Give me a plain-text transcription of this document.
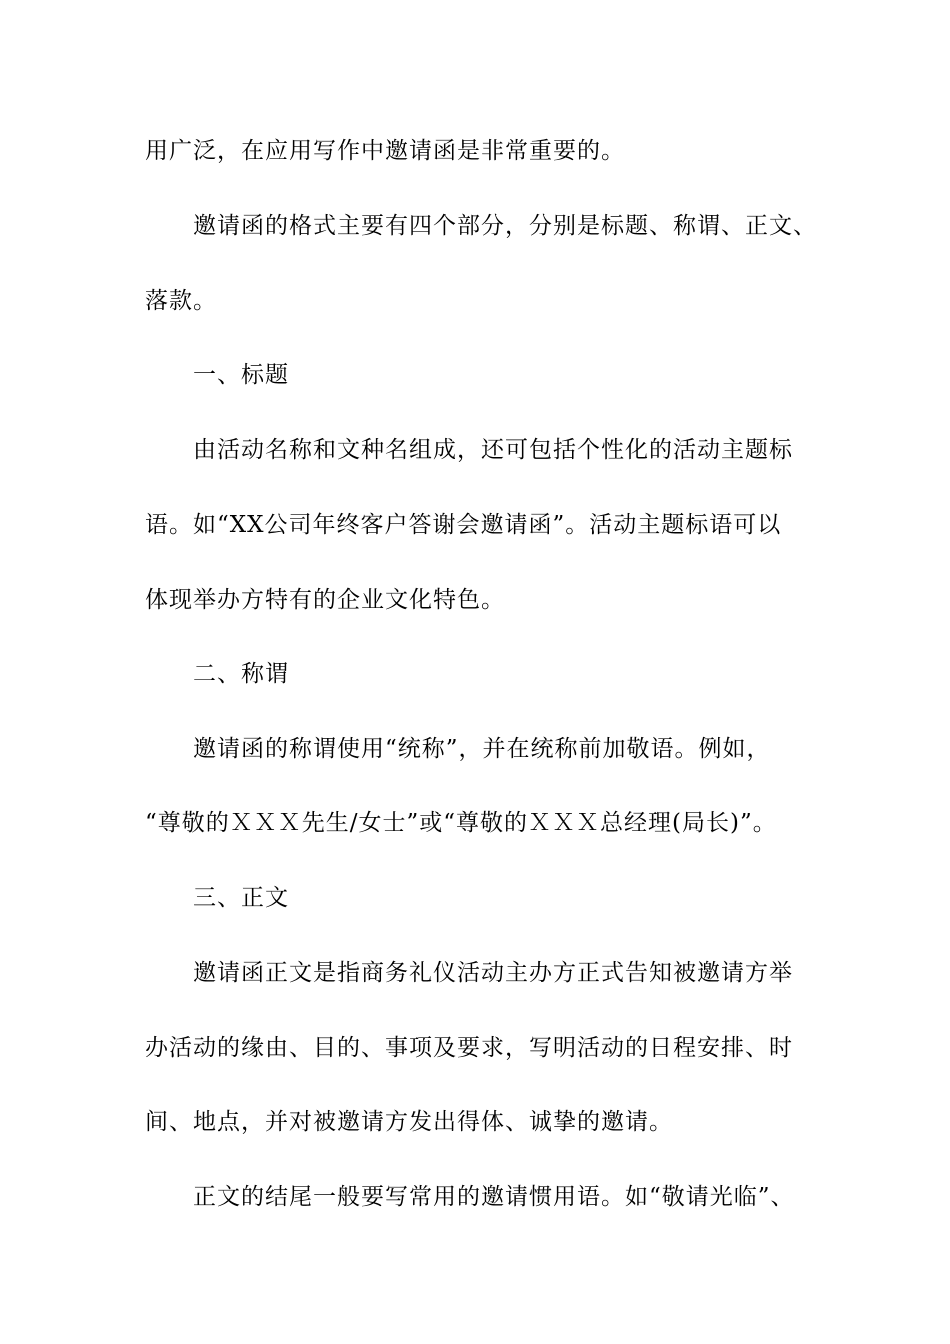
用广泛，在应用写作中邀请函是非常重要的。
邀请函的格式主要有四个部分，分别是标题、称谓、正文、
落款。
一、标题
由活动名称和文种名组成，还可包括个性化的活动主题标
语。如“XX公司年终客户答谢会邀请函”。活动主题标语可以
体现举办方特有的企业文化特色。
二、称谓
邀请函的称谓使用“统称”，并在统称前加敬语。例如，
“尊敬的ＸＸＸ先生/女士”或“尊敬的ＸＸＸ总经理(局长)”。
三、正文
邀请函正文是指商务礼仪活动主办方正式告知被邀请方举
办活动的缘由、目的、事项及要求，写明活动的日程安排、时
间、地点，并对被邀请方发出得体、诚挚的邀请。
正文的结尾一般要写常用的邀请惯用语。如“敬请光临”、
